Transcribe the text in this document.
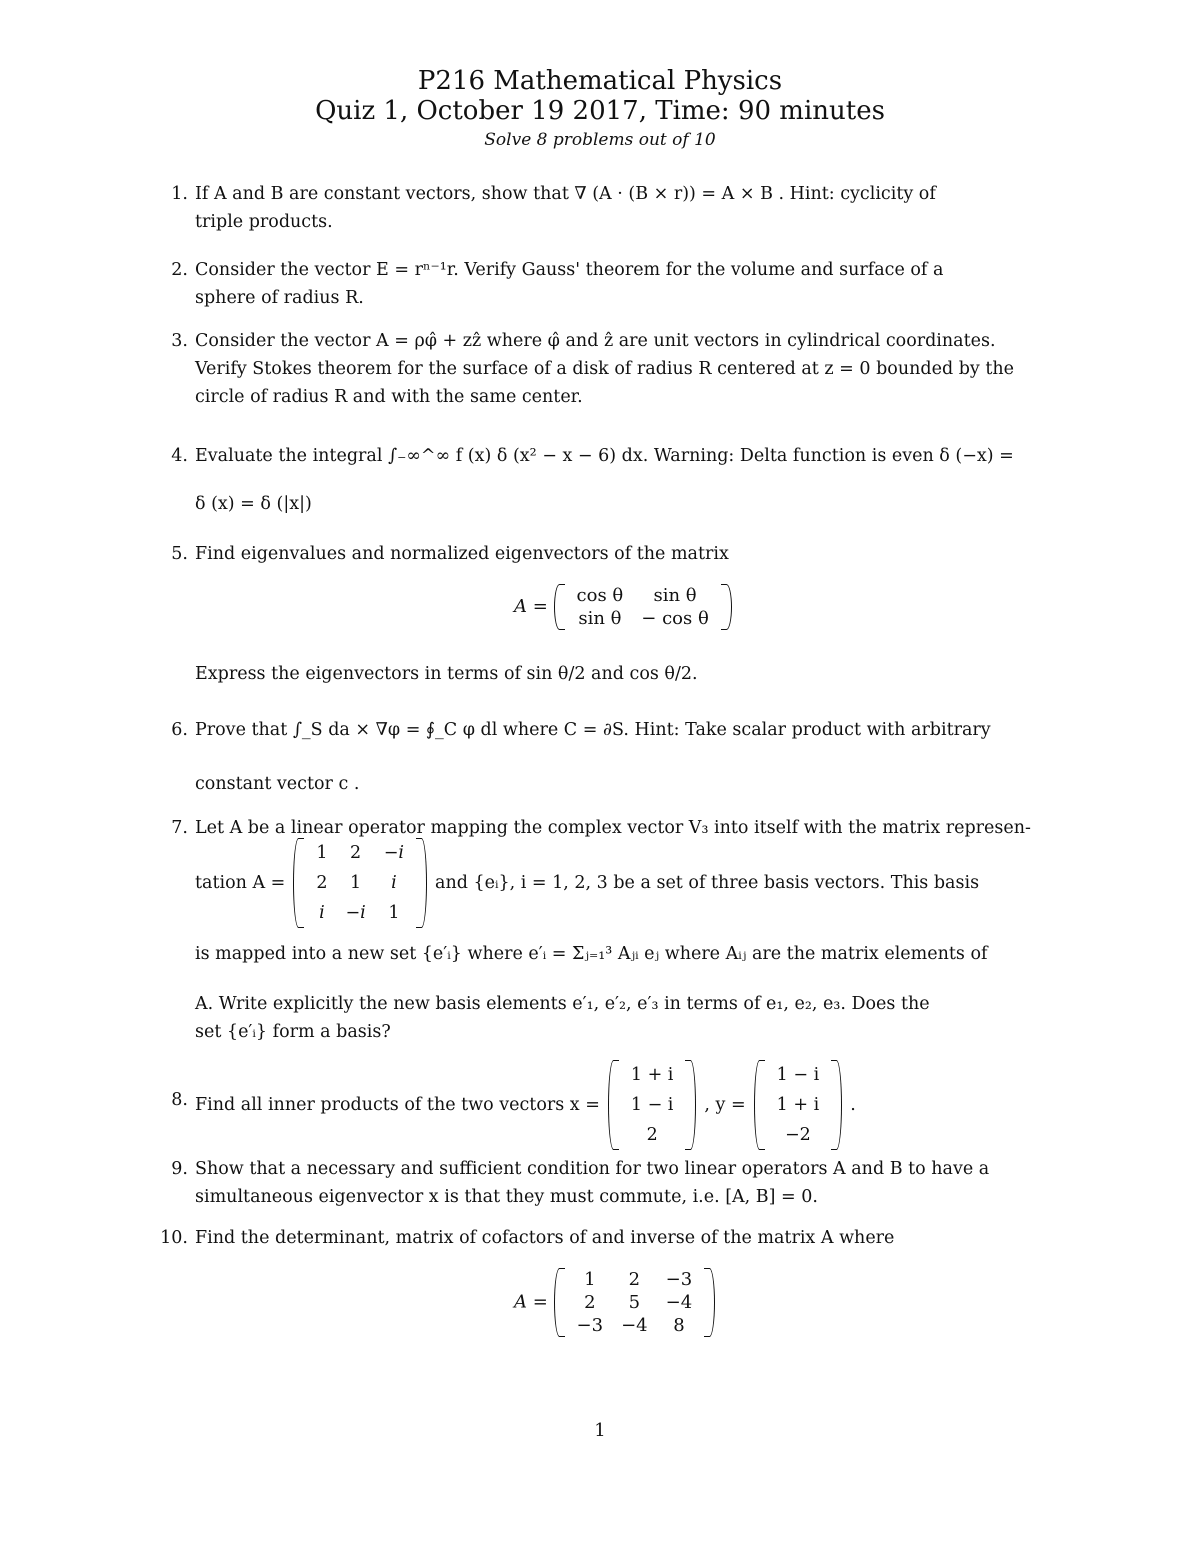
P216 Mathematical Physics
Quiz 1, October 19 2017, Time: 90 minutes
Solve 8 problems out of 10
1. If A and B are constant vectors, show that ∇ (A · (B × r)) = A × B . Hint: cyclicity of
triple products.
2. Consider the vector E = rⁿ⁻¹r. Verify Gauss' theorem for the volume and surface of a
sphere of radius R.
3. Consider the vector A = ρφ̂ + zẑ where φ̂ and ẑ are unit vectors in cylindrical coordinates.
Verify Stokes theorem for the surface of a disk of radius R centered at z = 0 bounded by the
circle of radius R and with the same center.
4. Evaluate the integral ∫₋∞^∞ f (x) δ (x² − x − 6) dx. Warning: Delta function is even δ (−x) =
δ (x) = δ (|x|)
5. Find eigenvalues and normalized eigenvectors of the matrix
A =
cos θ	sin θ
sin θ	− cos θ
Express the eigenvectors in terms of sin θ/2 and cos θ/2.
6. Prove that ∫_S da × ∇φ = ∮_C φ dl where C = ∂S. Hint: Take scalar product with arbitrary
constant vector c .
7. Let A be a linear operator mapping the complex vector V₃ into itself with the matrix represen-
tation A =
1	2	−i
2	1	i
i	−i	1
and {eᵢ}, i = 1, 2, 3 be a set of three basis vectors. This basis
is mapped into a new set {e′ᵢ} where e′ᵢ = Σⱼ₌₁³ Aⱼᵢ eⱼ where Aᵢⱼ are the matrix elements of
A. Write explicitly the new basis elements e′₁, e′₂, e′₃ in terms of e₁, e₂, e₃. Does the
set {e′ᵢ} form a basis?
8. Find all inner products of the two vectors x =
1 + i
1 − i
2
, y =
1 − i
1 + i
−2
.
9. Show that a necessary and sufficient condition for two linear operators A and B to have a
simultaneous eigenvector x is that they must commute, i.e. [A, B] = 0.
10. Find the determinant, matrix of cofactors of and inverse of the matrix A where
A =
1	2	−3
2	5	−4
−3	−4	8
1
